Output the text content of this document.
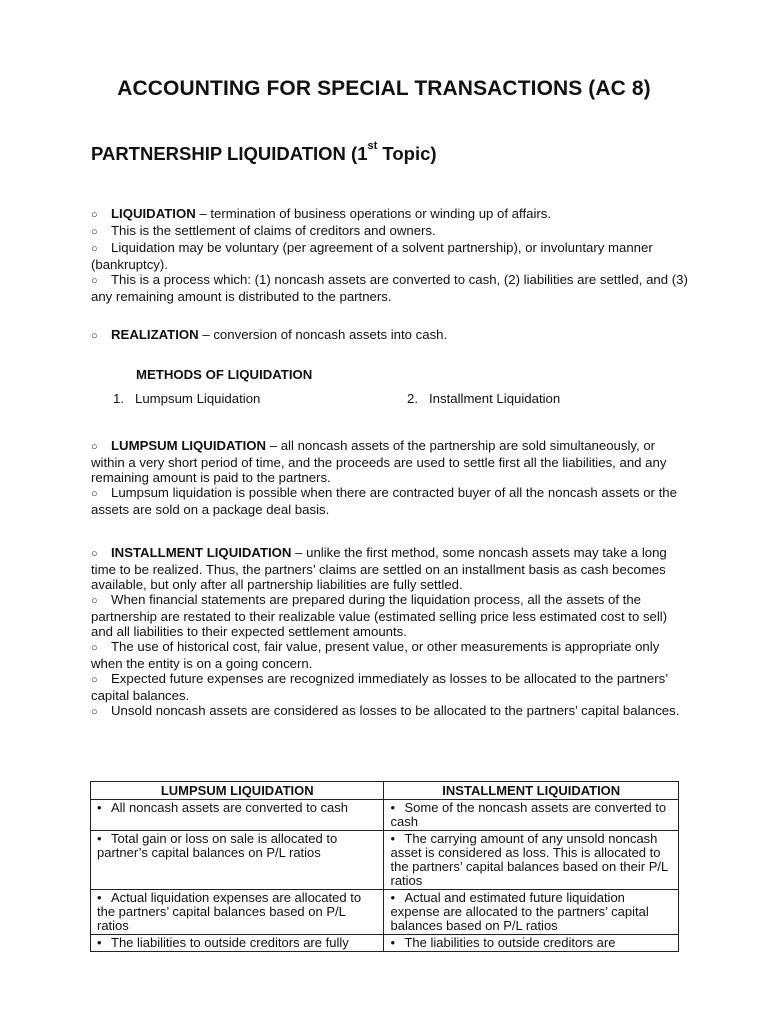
ACCOUNTING FOR SPECIAL TRANSACTIONS (AC 8)
PARTNERSHIP LIQUIDATION (1st Topic)

○ LIQUIDATION – termination of business operations or winding up of affairs.

○ This is the settlement of claims of creditors and owners.

○ Liquidation may be voluntary (per agreement of a solvent partnership), or involuntary manner (bankruptcy).

○ This is a process which: (1) noncash assets are converted to cash, (2) liabilities are settled, and (3) any remaining amount is distributed to the partners.

○ REALIZATION – conversion of noncash assets into cash.

METHODS OF LIQUIDATION
1. Lumpsum Liquidation	2. Installment Liquidation

○ LUMPSUM LIQUIDATION – all noncash assets of the partnership are sold simultaneously, or within a very short period of time, and the proceeds are used to settle first all the liabilities, and any remaining amount is paid to the partners.

○ Lumpsum liquidation is possible when there are contracted buyer of all the noncash assets or the assets are sold on a package deal basis.

○ INSTALLMENT LIQUIDATION – unlike the first method, some noncash assets may take a long time to be realized. Thus, the partners’ claims are settled on an installment basis as cash becomes available, but only after all partnership liabilities are fully settled.

○ When financial statements are prepared during the liquidation process, all the assets of the partnership are restated to their realizable value (estimated selling price less estimated cost to sell) and all liabilities to their expected settlement amounts.

○ The use of historical cost, fair value, present value, or other measurements is appropriate only when the entity is on a going concern.

○ Expected future expenses are recognized immediately as losses to be allocated to the partners’ capital balances.

○ Unsold noncash assets are considered as losses to be allocated to the partners’ capital balances.

LUMPSUM LIQUIDATION	INSTALLMENT LIQUIDATION
• All noncash assets are converted to cash	• Some of the noncash assets are converted to cash
• Total gain or loss on sale is allocated to partner’s capital balances on P/L ratios	• The carrying amount of any unsold noncash asset is considered as loss. This is allocated to the partners’ capital balances based on their P/L ratios
• Actual liquidation expenses are allocated to the partners’ capital balances based on P/L ratios	• Actual and estimated future liquidation expense are allocated to the partners’ capital balances based on P/L ratios
• The liabilities to outside creditors are fully	• The liabilities to outside creditors are
